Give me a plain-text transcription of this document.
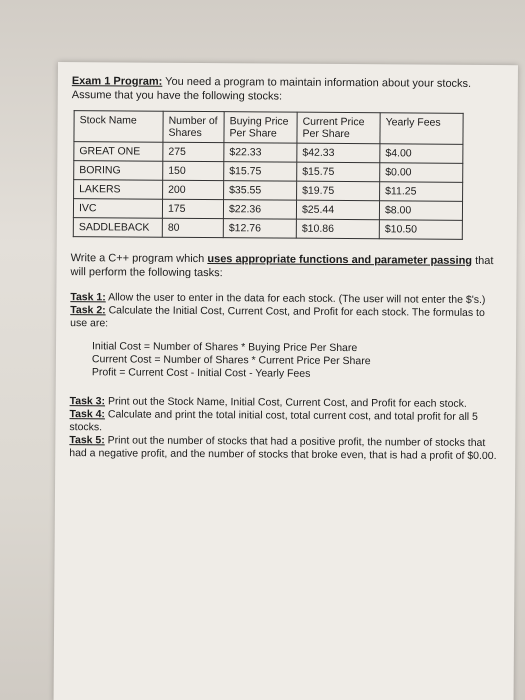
Exam 1 Program: You need a program to maintain information about your stocks. Assume that you have the following stocks:

Stock Name	Number of Shares	Buying Price Per Share	Current Price Per Share	Yearly Fees
GREAT ONE	275	$22.33	$42.33	$4.00
BORING	150	$15.75	$15.75	$0.00
LAKERS	200	$35.55	$19.75	$11.25
IVC	175	$22.36	$25.44	$8.00
SADDLEBACK	80	$12.76	$10.86	$10.50

Write a C++ program which uses appropriate functions and parameter passing that will perform the following tasks:

Task 1: Allow the user to enter in the data for each stock. (The user will not enter the $'s.)
Task 2: Calculate the Initial Cost, Current Cost, and Profit for each stock. The formulas to use are:
Initial Cost = Number of Shares * Buying Price Per Share
Current Cost = Number of Shares * Current Price Per Share
Profit = Current Cost - Initial Cost - Yearly Fees
Task 3: Print out the Stock Name, Initial Cost, Current Cost, and Profit for each stock.
Task 4: Calculate and print the total initial cost, total current cost, and total profit for all 5 stocks.
Task 5: Print out the number of stocks that had a positive profit, the number of stocks that had a negative profit, and the number of stocks that broke even, that is had a profit of $0.00.
